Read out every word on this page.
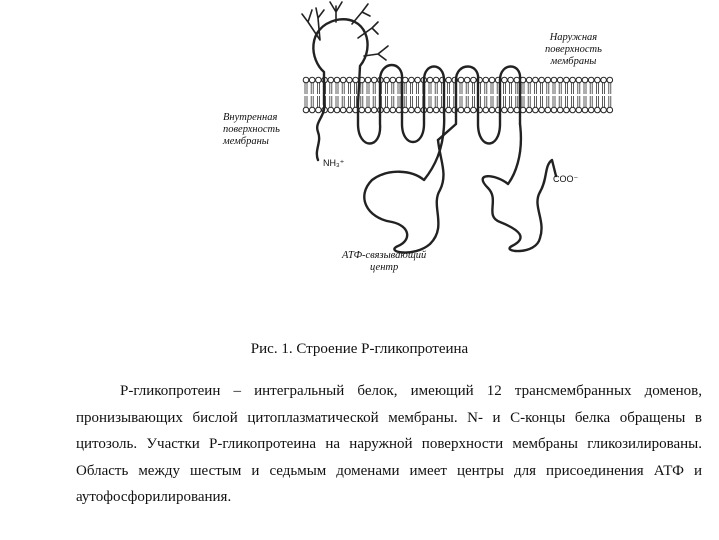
Наружная
поверхность
мембраны
Внутренная
поверхность
мембраны
АТФ-связывающий
центр
NH₃⁺
COO⁻
Рис. 1. Строение Р-гликопротеина

Р-гликопротеин – интегральный белок, имеющий 12 трансмембранных доменов, пронизывающих бислой цитоплазматической мембраны. N- и С-концы белка обращены в цитозоль. Участки Р-гликопротеина на наружной поверхности мембраны гликозилированы. Область между шестым и седьмым доменами имеет центры для присоединения АТФ и аутофосфорилирования.
